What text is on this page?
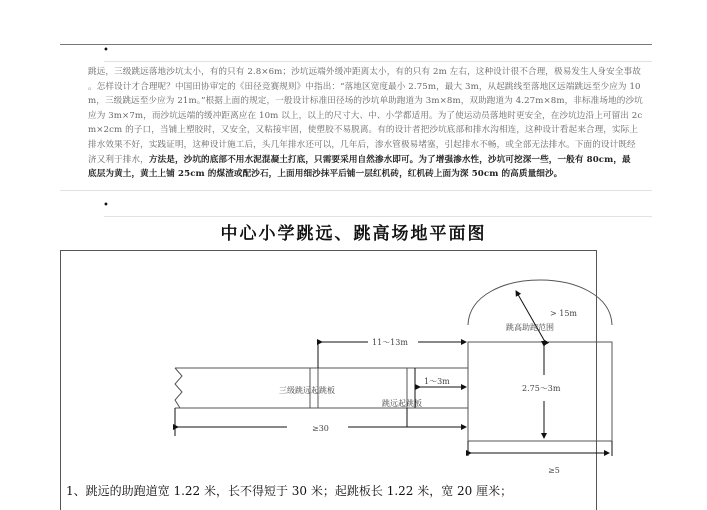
•
跳远，三级跳远落地沙坑太小，有的只有 2.8×6m；沙坑远端外缓冲距离太小，有的只有 2m 左右，这种设计很不合理，极易发生人身安全事故
。怎样设计才合理呢？中国田协审定的《田径竞赛规则》中指出：“落地区宽度最小 2.75m，最大 3m，从起跳线至落地区远端跳远至少应为 10
m，三级跳远至少应为 21m。”根据上面的规定，一般设计标准田径场的沙坑单助跑道为 3m×8m，双助跑道为 4.27m×8m，非标准场地的沙坑
应为 3m×7m，而沙坑远端的缓冲距离应在 10m 以上，以上的尺寸大、中、小学都适用。为了使运动员落地时更安全，在沙坑边沿上可留出 2c
m×2cm 的子口，当铺上塑胶时，又安全，又粘接牢固，使塑胶不易脱离。有的设计者把沙坑底部和排水沟相连，这种设计看起来合理，实际上
排水效果不好，实践证明，这种设计施工后，头几年排水还可以，几年后，渗水管极易堵塞，引起排水不畅，或全部无法排水。下面的设计既经
济又利于排水，方法是，沙坑的底部不用水泥混凝土打底，只需要采用自然渗水即可。为了增强渗水性，沙坑可挖深一些，一般有 80cm，最
底层为黄土，黄土上铺 25cm 的煤渣或配沙石，上面用细沙抹平后铺一层红机砖，红机砖上面为深 50cm 的高质量细沙。
•
中心小学跳远、跳高场地平面图
> 15m
跳高助跑范围
11～13m
1～3m
三级跳远起跳板
跳远起跳板
2.75～3m
≥30
≥5
1、跳远的助跑道宽 1.22 米，长不得短于 30 米；起跳板长 1.22 米，宽 20 厘米；
